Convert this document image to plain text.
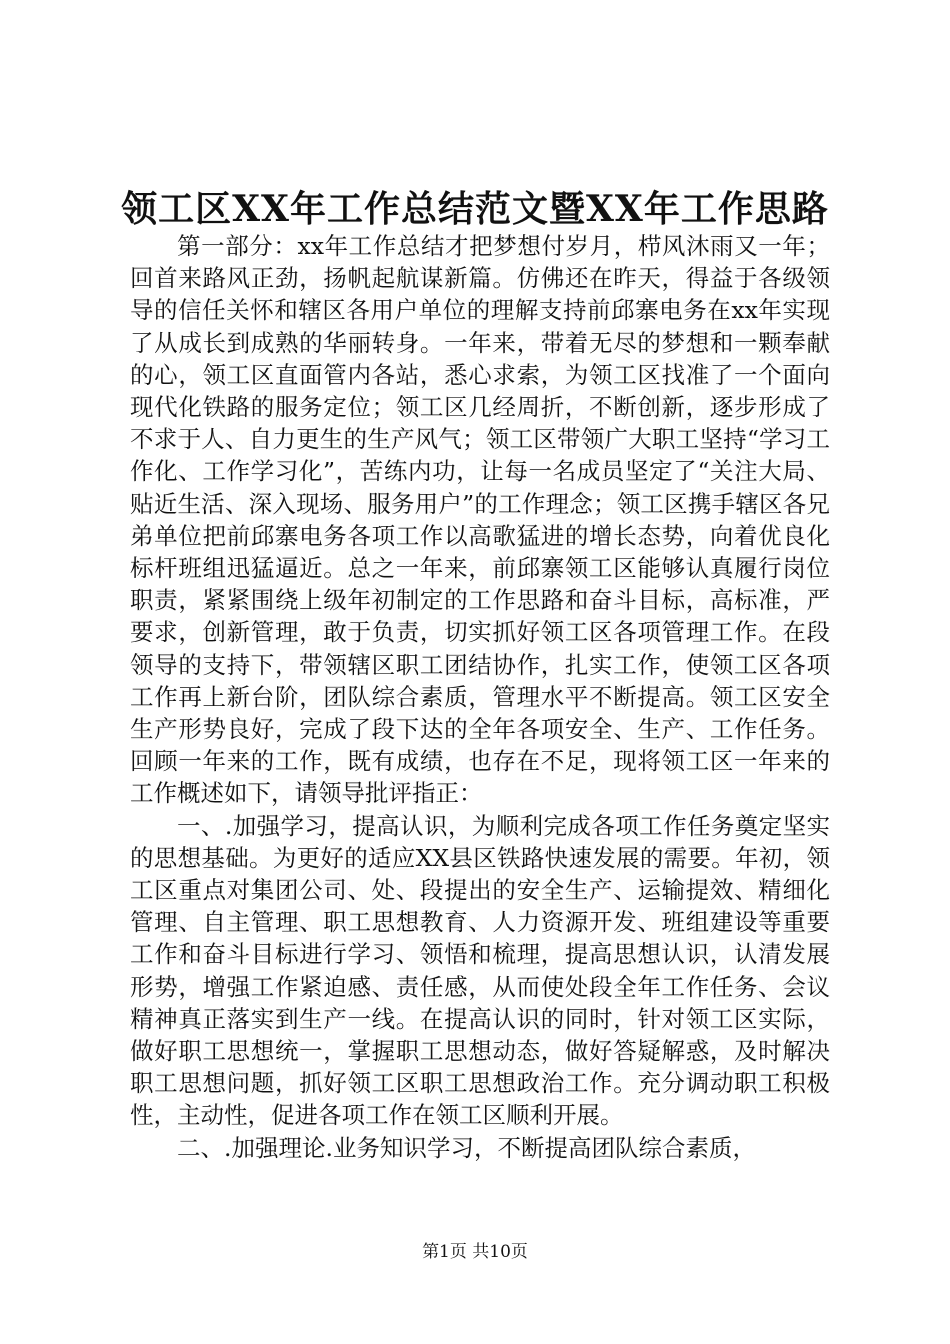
领工区XX年工作总结范文暨XX年工作思路

第一部分：xx年工作总结才把梦想付岁月，栉风沐雨又一年；回首来路风正劲，扬帆起航谋新篇。仿佛还在昨天，得益于各级领导的信任关怀和辖区各用户单位的理解支持前邱寨电务在xx年实现了从成长到成熟的华丽转身。一年来，带着无尽的梦想和一颗奉献的心，领工区直面管内各站，悉心求索，为领工区找准了一个面向现代化铁路的服务定位；领工区几经周折，不断创新，逐步形成了不求于人、自力更生的生产风气；领工区带领广大职工坚持“学习工作化、工作学习化”，苦练内功，让每一名成员坚定了“关注大局、贴近生活、深入现场、服务用户”的工作理念；领工区携手辖区各兄弟单位把前邱寨电务各项工作以高歌猛进的增长态势，向着优良化标杆班组迅猛逼近。总之一年来，前邱寨领工区能够认真履行岗位职责，紧紧围绕上级年初制定的工作思路和奋斗目标，高标准，严要求，创新管理，敢于负责，切实抓好领工区各项管理工作。在段领导的支持下，带领辖区职工团结协作，扎实工作，使领工区各项工作再上新台阶，团队综合素质，管理水平不断提高。领工区安全生产形势良好，完成了段下达的全年各项安全、生产、工作任务。回顾一年来的工作，既有成绩，也存在不足，现将领工区一年来的工作概述如下，请领导批评指正：

一、.加强学习，提高认识，为顺利完成各项工作任务奠定坚实的思想基础。为更好的适应XX县区铁路快速发展的需要。年初，领工区重点对集团公司、处、段提出的安全生产、运输提效、精细化管理、自主管理、职工思想教育、人力资源开发、班组建设等重要工作和奋斗目标进行学习、领悟和梳理，提高思想认识，认清发展形势，增强工作紧迫感、责任感，从而使处段全年工作任务、会议精神真正落实到生产一线。在提高认识的同时，针对领工区实际，做好职工思想统一，掌握职工思想动态，做好答疑解惑，及时解决职工思想问题，抓好领工区职工思想政治工作。充分调动职工积极性，主动性，促进各项工作在领工区顺利开展。

二、.加强理论.业务知识学习，不断提高团队综合素质，

第1页 共10页
